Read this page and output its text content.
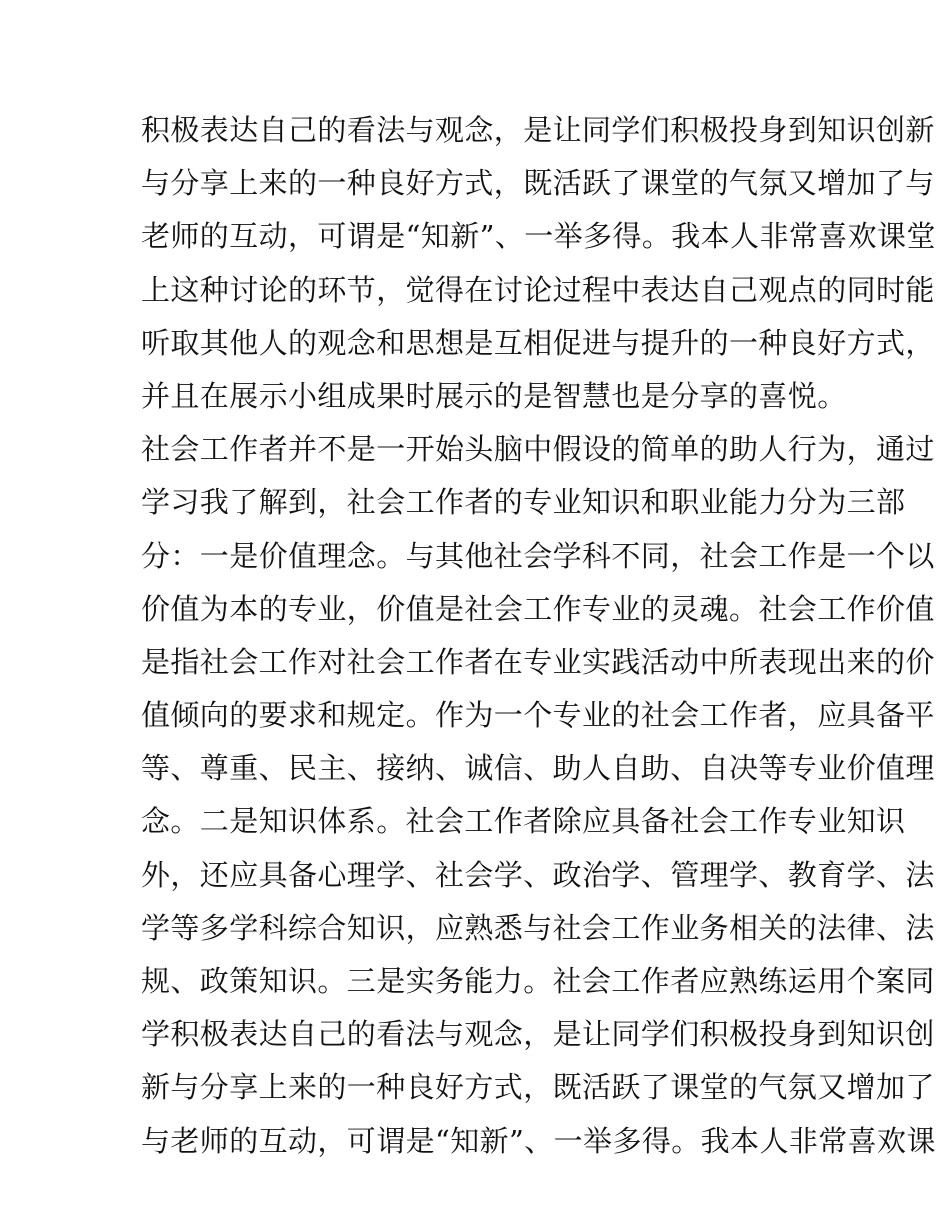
积极表达自己的看法与观念，是让同学们积极投身到知识创新
与分享上来的一种良好方式，既活跃了课堂的气氛又增加了与
老师的互动，可谓是“知新”、一举多得。我本人非常喜欢课堂
上这种讨论的环节，觉得在讨论过程中表达自己观点的同时能
听取其他人的观念和思想是互相促进与提升的一种良好方式，
并且在展示小组成果时展示的是智慧也是分享的喜悦。
社会工作者并不是一开始头脑中假设的简单的助人行为，通过
学习我了解到，社会工作者的专业知识和职业能力分为三部
分：一是价值理念。与其他社会学科不同，社会工作是一个以
价值为本的专业，价值是社会工作专业的灵魂。社会工作价值
是指社会工作对社会工作者在专业实践活动中所表现出来的价
值倾向的要求和规定。作为一个专业的社会工作者，应具备平
等、尊重、民主、接纳、诚信、助人自助、自决等专业价值理
念。二是知识体系。社会工作者除应具备社会工作专业知识
外，还应具备心理学、社会学、政治学、管理学、教育学、法
学等多学科综合知识，应熟悉与社会工作业务相关的法律、法
规、政策知识。三是实务能力。社会工作者应熟练运用个案同
学积极表达自己的看法与观念，是让同学们积极投身到知识创
新与分享上来的一种良好方式，既活跃了课堂的气氛又增加了
与老师的互动，可谓是“知新”、一举多得。我本人非常喜欢课
